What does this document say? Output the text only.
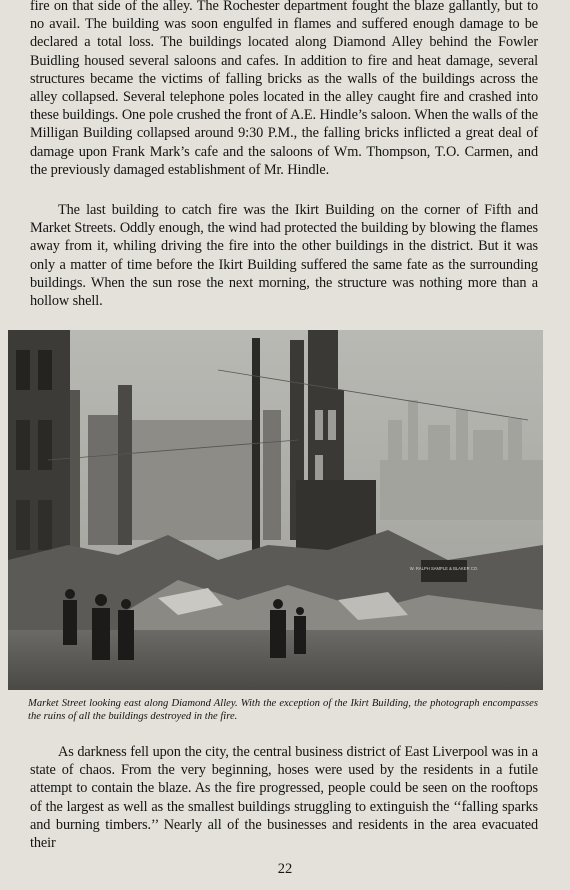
fire on that side of the alley. The Rochester department fought the blaze gallantly, but to no avail. The building was soon engulfed in flames and suffered enough damage to be declared a total loss. The buildings located along Diamond Alley behind the Fowler Buidling housed several saloons and cafes. In addition to fire and heat damage, several structures became the victims of falling bricks as the walls of the buildings across the alley collapsed. Several telephone poles located in the alley caught fire and crashed into these buildings. One pole crushed the front of A.E. Hindle’s saloon. When the walls of the Milligan Building collapsed around 9:30 P.M., the falling bricks inflicted a great deal of damage upon Frank Mark’s cafe and the saloons of Wm. Thompson, T.O. Carmen, and the previously damaged establishment of Mr. Hindle.

The last building to catch fire was the Ikirt Building on the corner of Fifth and Market Streets. Oddly enough, the wind had protected the building by blowing the flames away from it, whiling driving the fire into the other buildings in the district. But it was only a matter of time before the Ikirt Building suffered the same fate as the surrounding buildings. When the sun rose the next morning, the structure was nothing more than a hollow shell.

W. RALPH SAMPLE & BLAKER CO.

Market Street looking east along Diamond Alley. With the exception of the Ikirt Building, the photograph encompasses the ruins of all the buildings destroyed in the fire.

As darkness fell upon the city, the central business district of East Liverpool was in a state of chaos. From the very beginning, hoses were used by the residents in a futile attempt to contain the blaze. As the fire progressed, people could be seen on the rooftops of the largest as well as the smallest buildings struggling to extinguish the ‘‘falling sparks and burning timbers.’’ Nearly all of the businesses and residents in the area evacuated their

22
